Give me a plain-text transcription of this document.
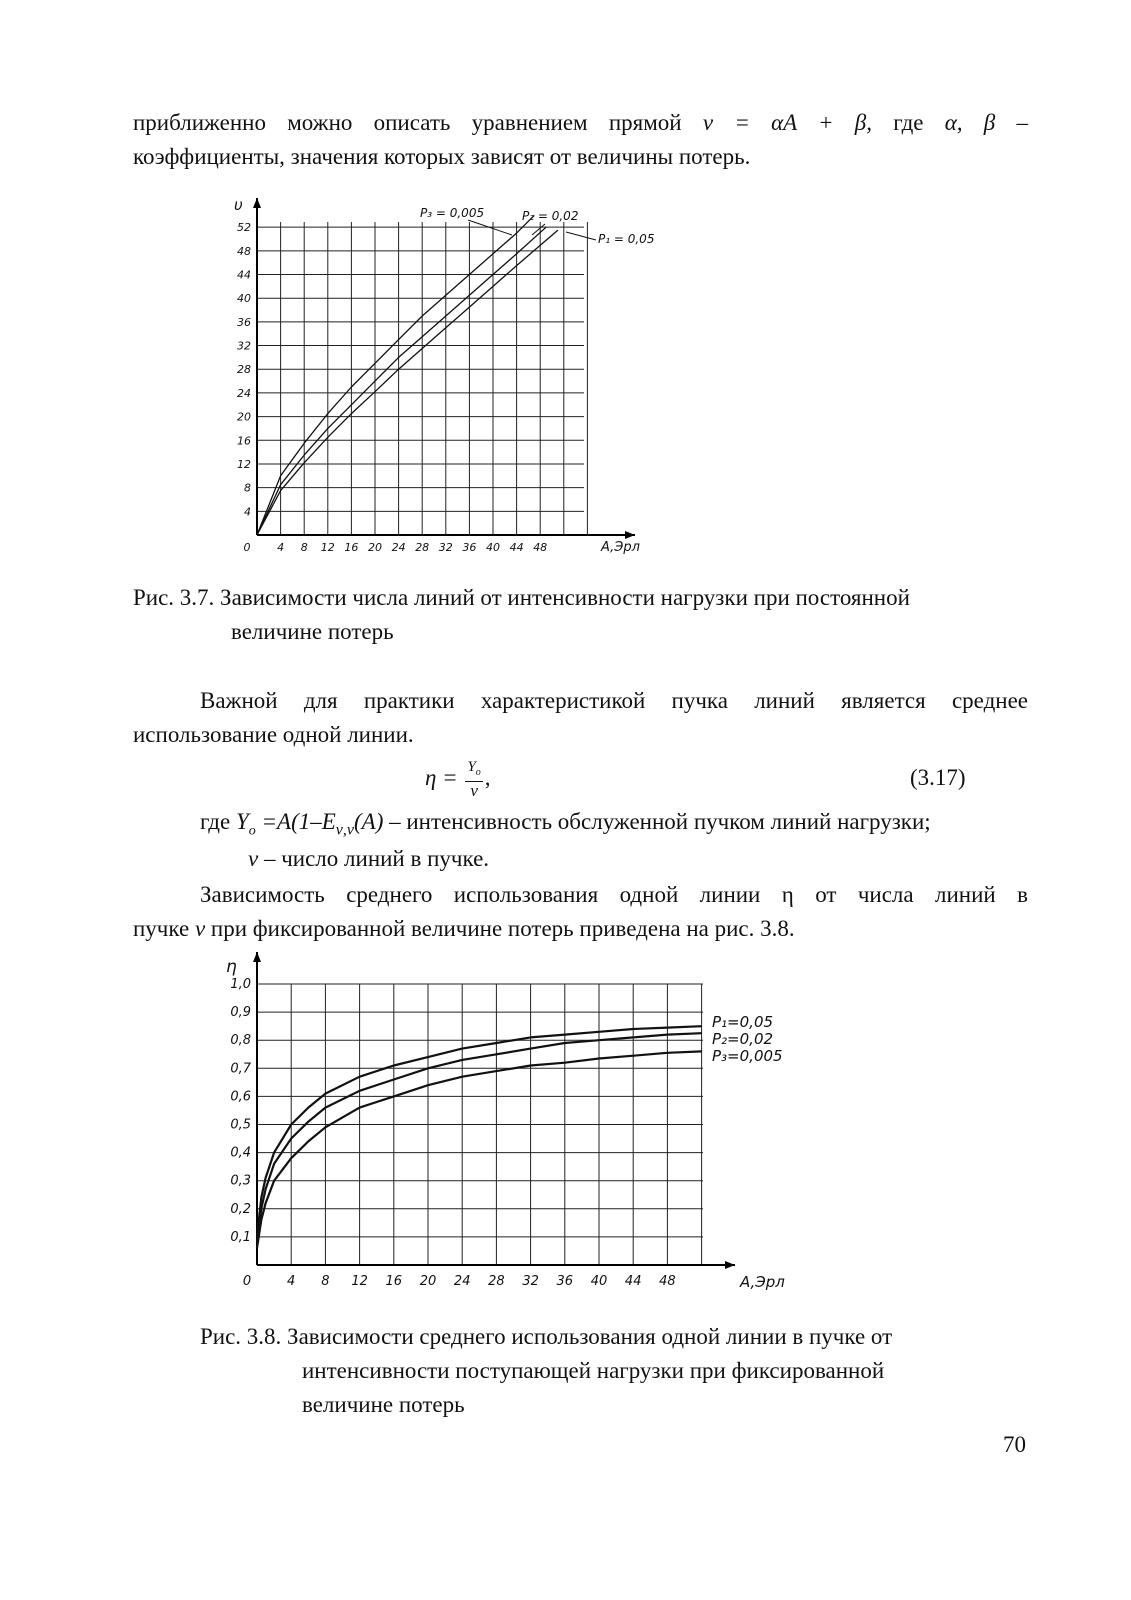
приближенно можно описать уравнением прямой ν = αA + β, где α, β –
коэффициенты, значения которых зависят от величины потерь.
0 4 8 12 16 20 24 28 32 36 40 44 48
4
8
12
16
20
24
28
32
36
40
44
48
52
υ
A,Эрл
P₃ = 0,005	P₂ = 0,02
P₁ = 0,05
Рис. 3.7. Зависимости числа линий от интенсивности нагрузки при постоянной
величине потерь
Важной для практики характеристикой пучка линий является среднее
использование одной линии.
$\eta = \frac{Y_o}{\nu}$ ,	(3.17)
где $Y_o =A(1-E_{\nu,\nu}(A)$ – интенсивность обслуженной пучком линий нагрузки;
ν – число линий в пучке.
Зависимость среднего использования одной линии η от числа линий в
пучке ν при фиксированной величине потерь приведена на рис. 3.8.
0	4 8 12 16 20 24 28 32 36 40 44 48
0,1
0,2
0,3
0,4
0,5
0,6
0,7
0,8
0,9
1,0
η
A,Эрл
P₁=0,05
P₂=0,02
P₃=0,005
Рис. 3.8. Зависимости среднего использования одной линии в пучке от
интенсивности поступающей нагрузки при фиксированной
величине потерь
70
